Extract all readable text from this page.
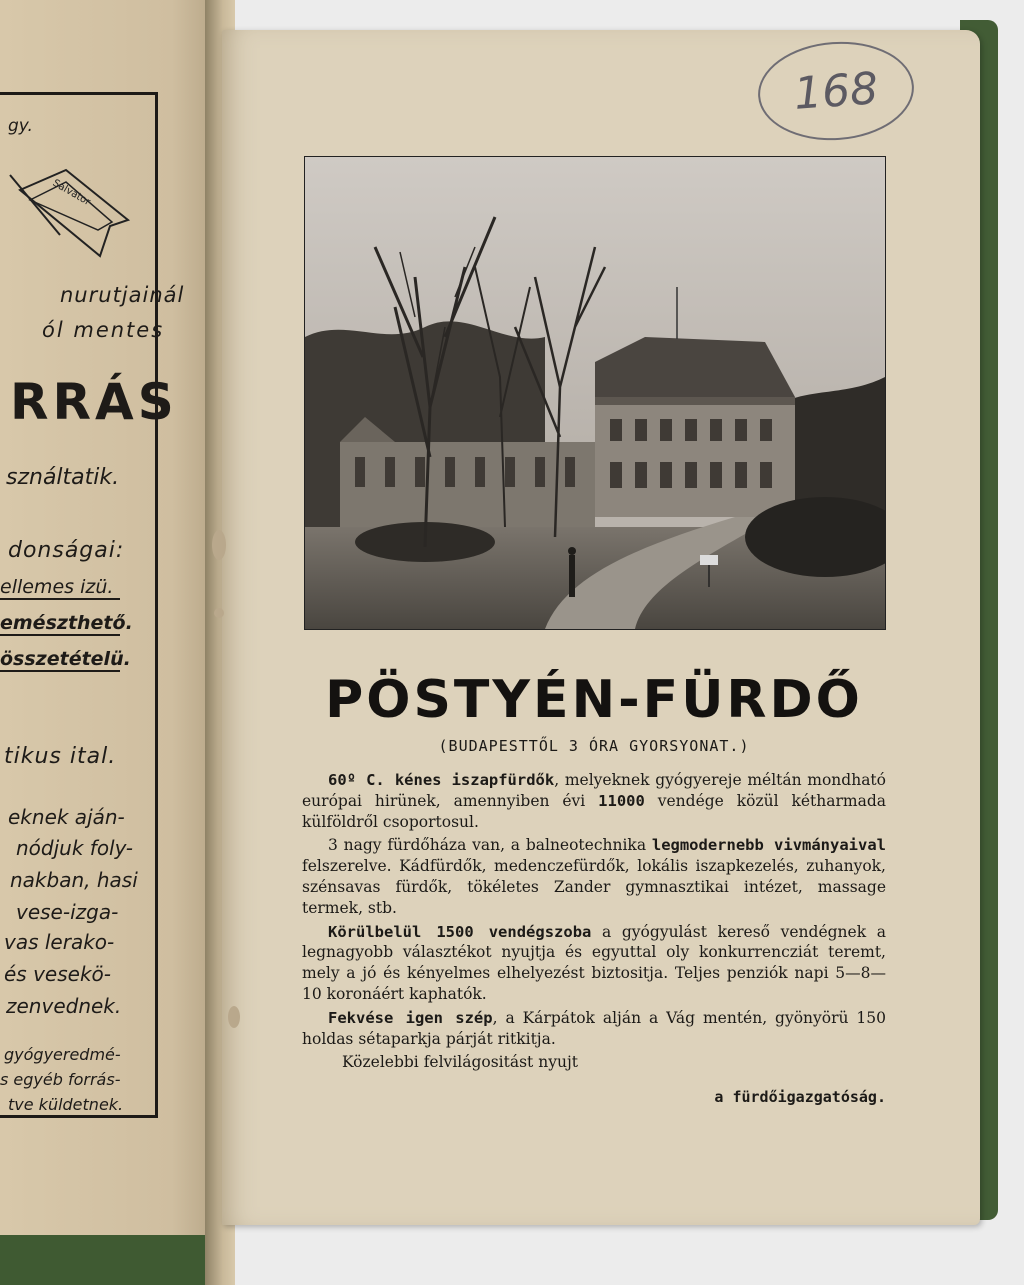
gy.
Salvator
nurutjainál
ól mentes
RRÁS
sználtatik.
donságai:
ellemes izü.
emészthető.
összetételü.
tikus ital.
eknek aján-
nódjuk foly-
nakban, hasi
vese-izga-
vas lerako-
és vesekö-
zenvednek.
gyógyeredmé-
s egyéb forrás-
tve küldetnek.
168
PÖSTYÉN-FÜRDŐ
(BUDAPESTTŐL 3 ÓRA GYORSYONAT.)

60º C. kénes iszapfürdők, melyeknek gyógyereje méltán mondható európai hirünek, amennyiben évi 11000 vendége közül kétharmada külföldről csoportosul.

3 nagy fürdőháza van, a balneotechnika legmodernebb vivmányaival felszerelve. Kádfürdők, medenczefürdők, lokális iszapkezelés, zuhanyok, szénsavas fürdők, tökéletes Zander gymnasztikai intézet, massage termek, stb.

Körülbelül 1500 vendégszoba a gyógyulást kereső vendégnek a legnagyobb választékot nyujtja és egyuttal oly konkurrencziát teremt, mely a jó és kényelmes elhelyezést biztositja. Teljes penziók napi 5—8—10 koronáért kaphatók.

Fekvése igen szép, a Kárpátok alján a Vág mentén, gyönyörü 150 holdas sétaparkja párját ritkitja.

Közelebbi felvilágositást nyujt

a fürdőigazgatóság.
